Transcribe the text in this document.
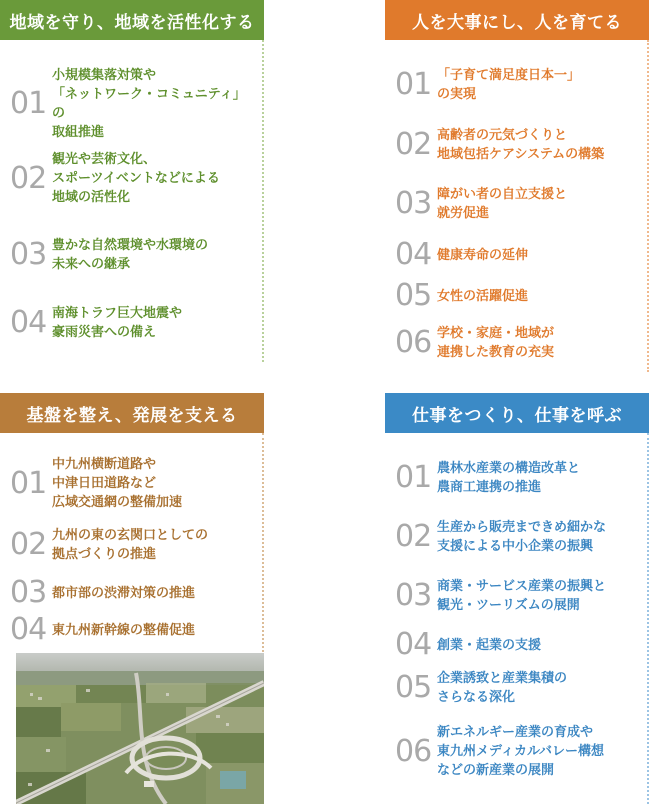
地域を守り、地域を活性化する
01
小規模集落対策や
「ネットワーク・コミュニティ」の
取組推進
02
観光や芸術文化、
スポーツイベントなどによる
地域の活性化
03 豊かな自然環境や水環境の
未来への継承
04 南海トラフ巨大地震や
豪雨災害への備え
人を大事にし、人を育てる
01 「子育て満足度日本一」
の実現
02 高齢者の元気づくりと
地域包括ケアシステムの構築
03 障がい者の自立支援と
就労促進
04 健康寿命の延伸
05 女性の活躍促進
06 学校・家庭・地域が
連携した教育の充実
基盤を整え、発展を支える
01
中九州横断道路や
中津日田道路など
広域交通網の整備加速
02 九州の東の玄関口としての
拠点づくりの推進
03 都市部の渋滞対策の推進
04 東九州新幹線の整備促進
仕事をつくり、仕事を呼ぶ
01 農林水産業の構造改革と
農商工連携の推進
02 生産から販売まできめ細かな
支援による中小企業の振興
03 商業・サービス産業の振興と
観光・ツーリズムの展開
04 創業・起業の支援
05 企業誘致と産業集積の
さらなる深化
06
新エネルギー産業の育成や
東九州メディカルバレー構想
などの新産業の展開
